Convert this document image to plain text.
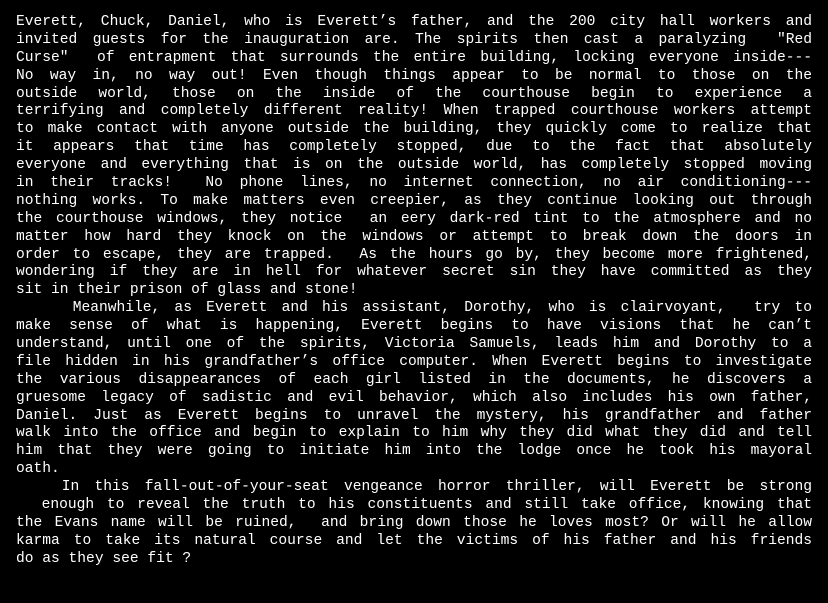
Everett, Chuck, Daniel, who is Everett’s father, and the 200 city hall workers and
invited guests for the inauguration are. The spirits then cast a paralyzing  "Red
Curse"  of entrapment that surrounds the entire building, locking everyone inside---
No way in, no way out! Even though things appear to be normal to those on the
outside world, those on the inside of the courthouse begin to experience a
terrifying and completely different reality! When trapped courthouse workers attempt
to make contact with anyone outside the building, they quickly come to realize that
it appears that time has completely stopped, due to the fact that absolutely
everyone and everything that is on the outside world, has completely stopped moving
in their tracks!  No phone lines, no internet connection, no air conditioning---
nothing works. To make matters even creepier, as they continue looking out through
the courthouse windows, they notice  an eery dark-red tint to the atmosphere and no
matter how hard they knock on the windows or attempt to break down the doors in
order to escape, they are trapped.  As the hours go by, they become more frightened,
wondering if they are in hell for whatever secret sin they have committed as they
sit in their prison of glass and stone!
Meanwhile, as Everett and his assistant, Dorothy, who is clairvoyant,  try to
make sense of what is happening, Everett begins to have visions that he can’t
understand, until one of the spirits, Victoria Samuels, leads him and Dorothy to a
file hidden in his grandfather’s office computer. When Everett begins to investigate
the various disappearances of each girl listed in the documents, he discovers a
gruesome legacy of sadistic and evil behavior, which also includes his own father,
Daniel. Just as Everett begins to unravel the mystery, his grandfather and father
walk into the office and begin to explain to him why they did what they did and tell
him that they were going to initiate him into the lodge once he took his mayoral
oath.
In this fall-out-of-your-seat vengeance horror thriller, will Everett be strong
enough to reveal the truth to his constituents and still take office, knowing that
the Evans name will be ruined,  and bring down those he loves most? Or will he allow
karma to take its natural course and let the victims of his father and his friends
do as they see fit ?
